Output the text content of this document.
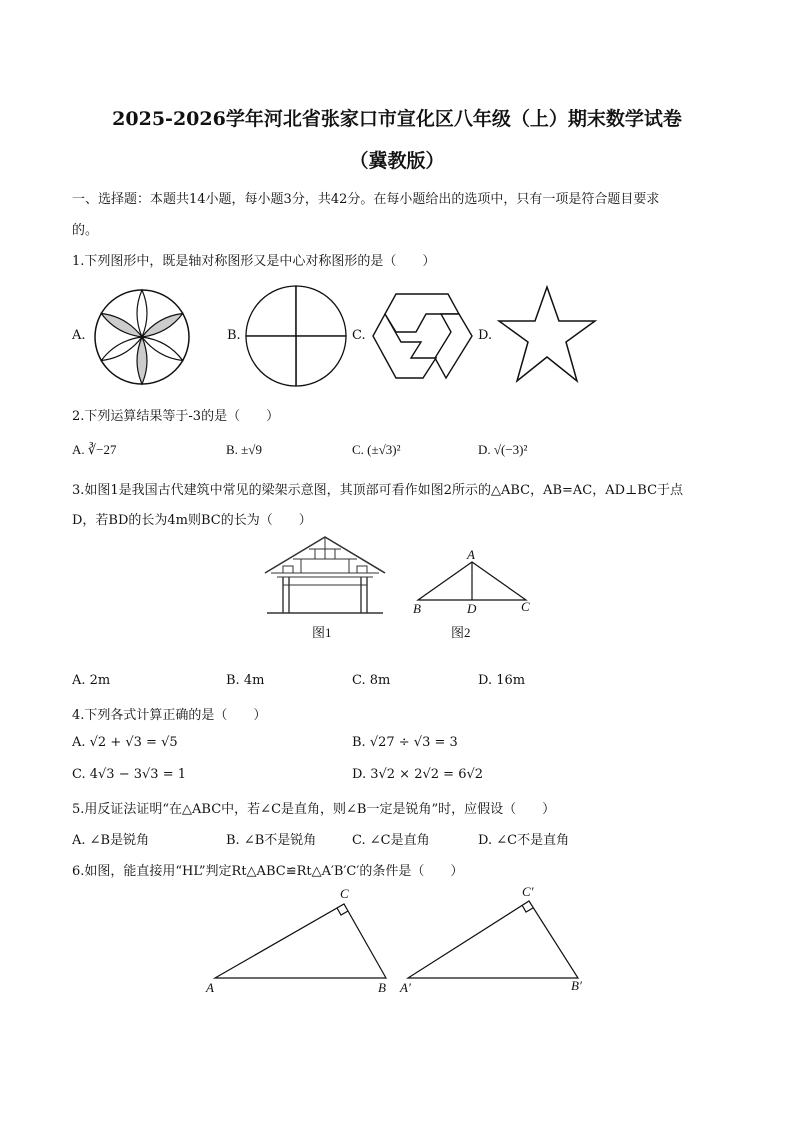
2025-2026学年河北省张家口市宣化区八年级（上）期末数学试卷
（冀教版）
一、选择题：本题共14小题，每小题3分，共42分。在每小题给出的选项中，只有一项是符合题目要求
的。
1.下列图形中，既是轴对称图形又是中心对称图形的是（　　）
A.	B.	C.	D.
2.下列运算结果等于-3的是（　　）
A. ∛−27	B. ±√9	C. (±√3)²	D. √(−3)²
3.如图1是我国古代建筑中常见的梁架示意图，其顶部可看作如图2所示的△ABC，AB=AC，AD⊥BC于点
D，若BD的长为4m则BC的长为（　　）
图1
A
B	D	C
图2
A. 2m	B. 4m	C. 8m	D. 16m
4.下列各式计算正确的是（　　）
A. √2 + √3 = √5	B. √27 ÷ √3 = 3
C. 4√3 − 3√3 = 1	D. 3√2 × 2√2 = 6√2
5.用反证法证明“在△ABC中，若∠C是直角，则∠B一定是锐角”时，应假设（　　）
A. ∠B是锐角	B. ∠B不是锐角	C. ∠C是直角	D. ∠C不是直角
6.如图，能直接用“HL”判定Rt△ABC≌Rt△A′B′C′的条件是（　　）
C
A	B
C′
A′	B′
